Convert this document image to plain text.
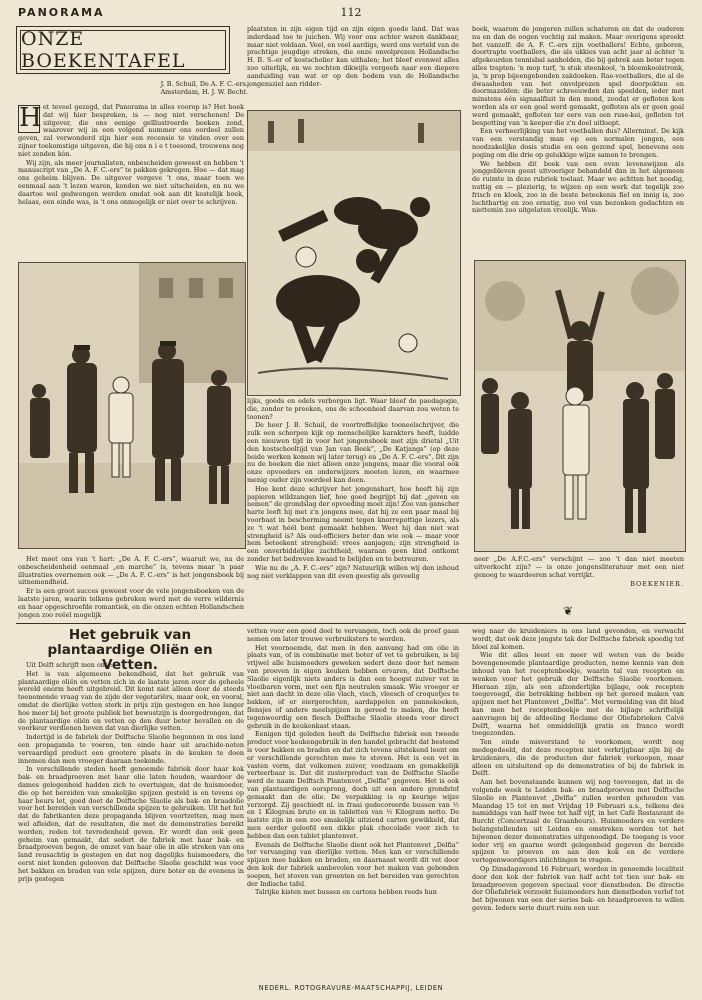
PANORAMA	112
ONZE BOEKENTAFEL
J. B. Schuil, De A. F. C.-ers.
Amsterdam, H. J. W. Becht.
H et teveel gezegd, dat Panorama in alles voorop is? Het boek dat wij hier bespreken, is — nog niet verschenen! De uitgever, die ons eenige geïllustreerde boeken zond, waarover wij in een volgend nummer ons oordeel zullen geven, zal verwonderd zijn hier een recensie te vinden over een zijner toekomstige uitgaven, die hij ons n i e t toesond, trouwens nog niet zenden kòn.

Wij zijn, als meer journalisten, onbescheiden geweest en hebben 't manuscript van „De A. F. C.-ers” te pakken gekregen. Hoe — dat mag ons geheim blijven. De uitgever vergeve 't ons, maar toen we eenmaal aan 't lezen waren, konden we niet uitscheiden, en nu we daartoe wel gedwongen werden omdat ook aan dit kostelijk boek, helaas, een einde was, is 't ons onmogelijk er niet over te schrijven.

Het moet ons van 't hart: „De A. F. C.-ers”, waaruit we, na de onbescheidenheid eenmaal „en marche” is, tevens maar 'n paar illustraties overnemen ook — „De A. F. C.-ers” is het jongensboek bij uitnemendheid.

Er is een groot succes geweest voor de vele jongensboeken van de laatste jaren, waarin telkens gebroken werd met de verre wildernis en haar opgeschroefde romantiek, en die onzen echten Hollandschen jongen zoo reëel mogelijk

plaatsten in zijn eigen tijd en zijn eigen goede land. Dat was inderdaad toe te juichen. Wij voor ons achter waren dankbaar, maar niet voldaan. Veel, en veel aardigs, werd ons verteld van de prachtige jeugdige streken, die onze onvolprezen Hollandsche H. B. S.-er of kostscholier kan uithalen; het bleef evenwel alles zoo uiterlijk, en we zochten dikwijls vergeefs naar een diepere aanduiding van wat er op den bodem van de Hollandsche jongensziel aan ridder-

lijks, goeds en edels verborgen ligt. Waar bleef de paedagogie, die, zonder te preeken, ons de schoonheid daarvan zou weten te toonen?

De heer J. B. Schuil, de voortreffelijke tooneelschrijver, die zulk een scherpen kijk op menschelijke karakters heeft, luidde een nieuwen tijd in voor het jongensboek met zijn drietal „Uit den kostschooltijd van Jan van Beek”, „De Katjangs” (op deze beide werken komen wij later terug) en „De A. F. C.-ers”. Dit zijn nu de boeken die niet alleen onze jongens, maar die vooral ook onze opvoeders en onderwijzers moeten lezen, en waarmee menig ouder zijn voordeel kan doen.

Hoe kent deze schrijver het jongenshart, hoe heeft hij zijn papieren wildzangen lief, hoe goed begrijpt hij dat „geven en nemen” de grondslag der opvoeding moet zijn! Zoo van ganscher harte leeft hij met z'n jongens mee, dat hij ze een paar maal bij voorbaat in bescherming neemt tegen knorrepottige lezers, als ze 't wat héél bont gemaakt hebben. Weet hij dan niet wat strengheid is? Als oud-officiers beter dan wie ook — maar voor hem beteekent strengheid: vrees aanjagen; zijn strengheid is een onverbiddelijke zachtheid, waaraan geen kind ontkomt zonder het bedreven kwaad te belijden en te betreuren.

Wie nu de „A. F. C.-ers” zijn? Natuurlijk willen wij den inhoud nog niet verklappen van dit even geestig als gevoelig

boek, waarom de jongeren zullen schateren en dat de ouderen nu en dan de oogen vochtig zal maken. Maar overigens spreekt het vanzelf: de A. F. C.-ers zijn voetballers! Echte, geboren, doortrapte voetballers, die als ukkies van acht jaar al achter 'n afgekeurden tennisbal aanholden, die bij gebrek aan beter tegen alles trapten: 'n mop turf, 'n stuk steenkool, 'n bloemkoolstronk, ja, 'n prop bijeengebonden zakdoeken. Rae-voetballers, die al de dwaasheden van het onvolprezen spel doorpokten en doormazelden: die beter schreeuwden dan speelden, ieder met minstens één signaalfluit in den mond, zoodat er gefloten kon worden als er een goal werd gemaakt, gefloten als er geen goal werd gemaakt, gefloten ter eere van een ruse-kei, gefloten tot bespotting van 'n keeper die z'n doel uitloopt.

Een verheerlijking van het voetballen dus? Allerminst. De kijk van een verstandig man op een normalen jongen, een noodzakelijke dosis studie en een gezond spel, benevens een poging om die drie op gelukkige wijze samen te brengen.

We hebben dit boek van een even levenswijzen als jonggebleven geest uitvoeriger behandeld dan in het algemeen de ruimte in deze rubriek toelaat. Maar we achtten het noodig, nuttig en — plezierig, te wijzen op een werk dat tegelijk zoo frisch en kloek, zoo in de beste beteekenis fiel en innig is, zoo luchthartig en zoo ernstig, zoo vol van bezonken gedachten en niettemin zoo uitgelaten vroolijk. Wan-

neer „De A.F.C.-ers” verschijnt — zoo 't dan niet meeten uitverkocht zijn? — is onze jongensliteratuur met een niet genoeg te waardeeren schat verrijkt.

BOEKENIER.
❦
Het gebruik van plantaardige Oliën en Vetten.

Uit Delft schrijft men ons :

Het is van algemeene bekendheid, dat het gebruik van plantaardige oliën en vetten zich in de laatste jaren over de geheele wereld enorm heeft uitgebreid. Dit komt niet alleen door de steeds toenemende vraag van de zijde der vegetariërs, maar ook, en vooral, omdat de dierlijke vetten sterk in prijs zijn gestegen en hoe langer hoe meer bij het groote publiek het bewustzijn is doorgedrongen, dat de plantaardige oliën en vetten op den duur beter bevallen en de voorkeur verdienen boven dat van dierlijke vetten.

Indertijd is de fabriek der Delftsche Slaolie begonnen in ons land een propaganda te voeren, ten einde haar uit arachide-noten vervaardigd product een grootere plaats in de keuken te doen innemen dan men vroeger daaraan toekende.

In verschillende steden heeft genoemde fabriek door haar kok bak- en braadproeven met haar olie laten houden, waardoor de dames gelegenheid hadden zich te overtuigen, dat de huismoeder, die op het bereiden van smakelijke spijzen gesteld is en tevens op haar beurs let, goed doet de Delftsche Slaolie als bak- en braadolie voor het bereiden van verschillende spijzen te gebruiken. Uit het feit dat de fabrikanten deze propaganda blijven voortzetten, mag men wel afleiden, dat de resultaten, die met de demonstraties bereikt worden, reden tot tevredenheid geven. Er wordt dan ook geen geheim van gemaakt, dat sedert de fabriek met haar bak- en braadproeven begon, de omzet van haar olie in alle streken van ons land reusachtig is gestegen en dat nog dagelijks huismoeders, die eerst niet konden gelooven dat Delftsche Slaolie geschikt was voor het bakken en braden van vele spijzen, dure boter en de evenens in prijs gestegen

vetten voor een goed deel te vervangen, toch ook de proef gaan nemen om later trouwe verbruiksters te worden.

Het voornoemde, dat men in den aanvang had om olie in plaats van, of in combinatie met boter of vet te gebruiken, is bij vrijwel alle huismoeders geweken sedert deze door het nemen van proeven in eigen keuken hebben ervaren, dat Delftsche Slaolie eigenlijk niets anders is dan een hoogst zuiver vet in vloeibaren vorm, met een fijn neutralen smaak. Wie vroeger er niet aan dacht in deze olie vlach, visch, vleesch of croquetjes te bakken, of er eiergerechten, aardappelen en pannekoeken, flensjes of andere meelspijzen in gereed te maken, die heeft tegenwoordig een flesch Delftsche Slaolie steeds voor direct gebruik in de keukenkast staan.

Eenigen tijd geleden heeft de Delftsche fabriek een tweede product voor keukengebruik in den handel gebracht dat bestemd is voor bakken en braden en dat zich tevens uitstekend leent om er verschillende gerechten mee te stoven. Het is een vet in vasten vorm, dat volkomen zuiver, voedzaam en gemakkelijk verteerbaar is. Dat dit zusterproduct van de Delftsche Slaolie werd de naam Delftsch Plantenvet „Delfia” gegeven. Het is ook van plantaardigen oorsprong, doch uit een andere grondstof gemaakt dan de olie. De verpakking is op keurige wijze verzorgd. Zij geschiedt nl. in fraai gedecoreerde bussen van ½ en 1 Kilogram bruto en in tabletten van ½ Kilogram netto. De laatste zijn in een zoo smakelijk uitziend carton gewikkeld, dat men eerder geloofd een dikke plak chocolade voor zich te hebben dan een tablet plantenvet.

Evenals de Delftsche Slaolie dient ook het Plantenvet „Delfia” ter vervanging van dierlijke vetten. Men kan er verschillende spijzen mee bakken en braden, en daarnaast wordt dit vet door den kok der fabriek aanbevolen voor het maken van gebonden soepen, het stoven van groenten en het bereiden van gerechten der Indische tafel.

Talrijke kisten met bussen en cartons hebben reeds hun

weg naar de kruideniers in ons land gevonden, en verwacht wordt, dat ook deze jongste tak der Delftsche fabriek spoedig tot bloei zal komen.

Wie dit alles leest en meer wil weten van de beide bovengenoemde plantaardige producten, neme kennis van den inhoud van het receptenboekje, waarin tal van recepten en wenken voor het gebruik der Delftsche Slaolie voorkomen. Hieraan zijn, als een afzonderlijke bijlage, ook recepten toegevoegd, die betrekking hebben op het gereed maken van spijzen met het Plantenvet „Delfia”. Met vermelding van dit blad kan men het receptenboekje met de bijlage schriftelijk aanvragen bij de afdeeling Reclame der Oliefabrieken Calvé Delft, waarna het onmiddellijk gratis en franco wordt toegezonden.

Ten einde misverstand te voorkomen, wordt nog medegedeeld, dat deze recepten niet verkrijgbaar zijn bij de kruideniers, die de producten der fabriek verkoopen, maar alleen en uitsluitend op de demonstraties of bij de fabriek in Delft.

Aan het bovenstaande kunnen wij nog toevoegen, dat in de volgende week te Leiden bak- en braadproeven met Delftsche Slaolie en Plantenvet „Delfia” zullen worden gehouden van Maandag 15 tot en met Vrijdag 19 Februari a.s., telkens des namiddags van half twee tot half vijf, in het Café Restaurant de Burcht (Concertzaal de Graanbeurs). Huismoeders en verdere belangstellenden uit Leiden en omstreken worden tot het bijwonen dezer demonstraties uitgenoodigd. De toegang is voor ieder vrij en gaarne wordt gelegenheid gegeven de bereide spijzen te proeven en aan den kok en de verdere vertegenwoordigers inlichtingen te vragen.

Op Dinsdagavond 16 Februari, worden in genoemde localiteit door den kok der fabriek van half acht tot tien uur bak- en braadproeven gegeven speciaal voor dienstboden. De directie der Oliefabriek verzoekt huismoeders hun dienstboden verlof tot het bijwonen van een der series bak- en braadproeven te willen geven. Iedere serie duurt ruim een uur.

NEDERL. ROTOGRAVURE-MAATSCHAPPIJ, LEIDEN
